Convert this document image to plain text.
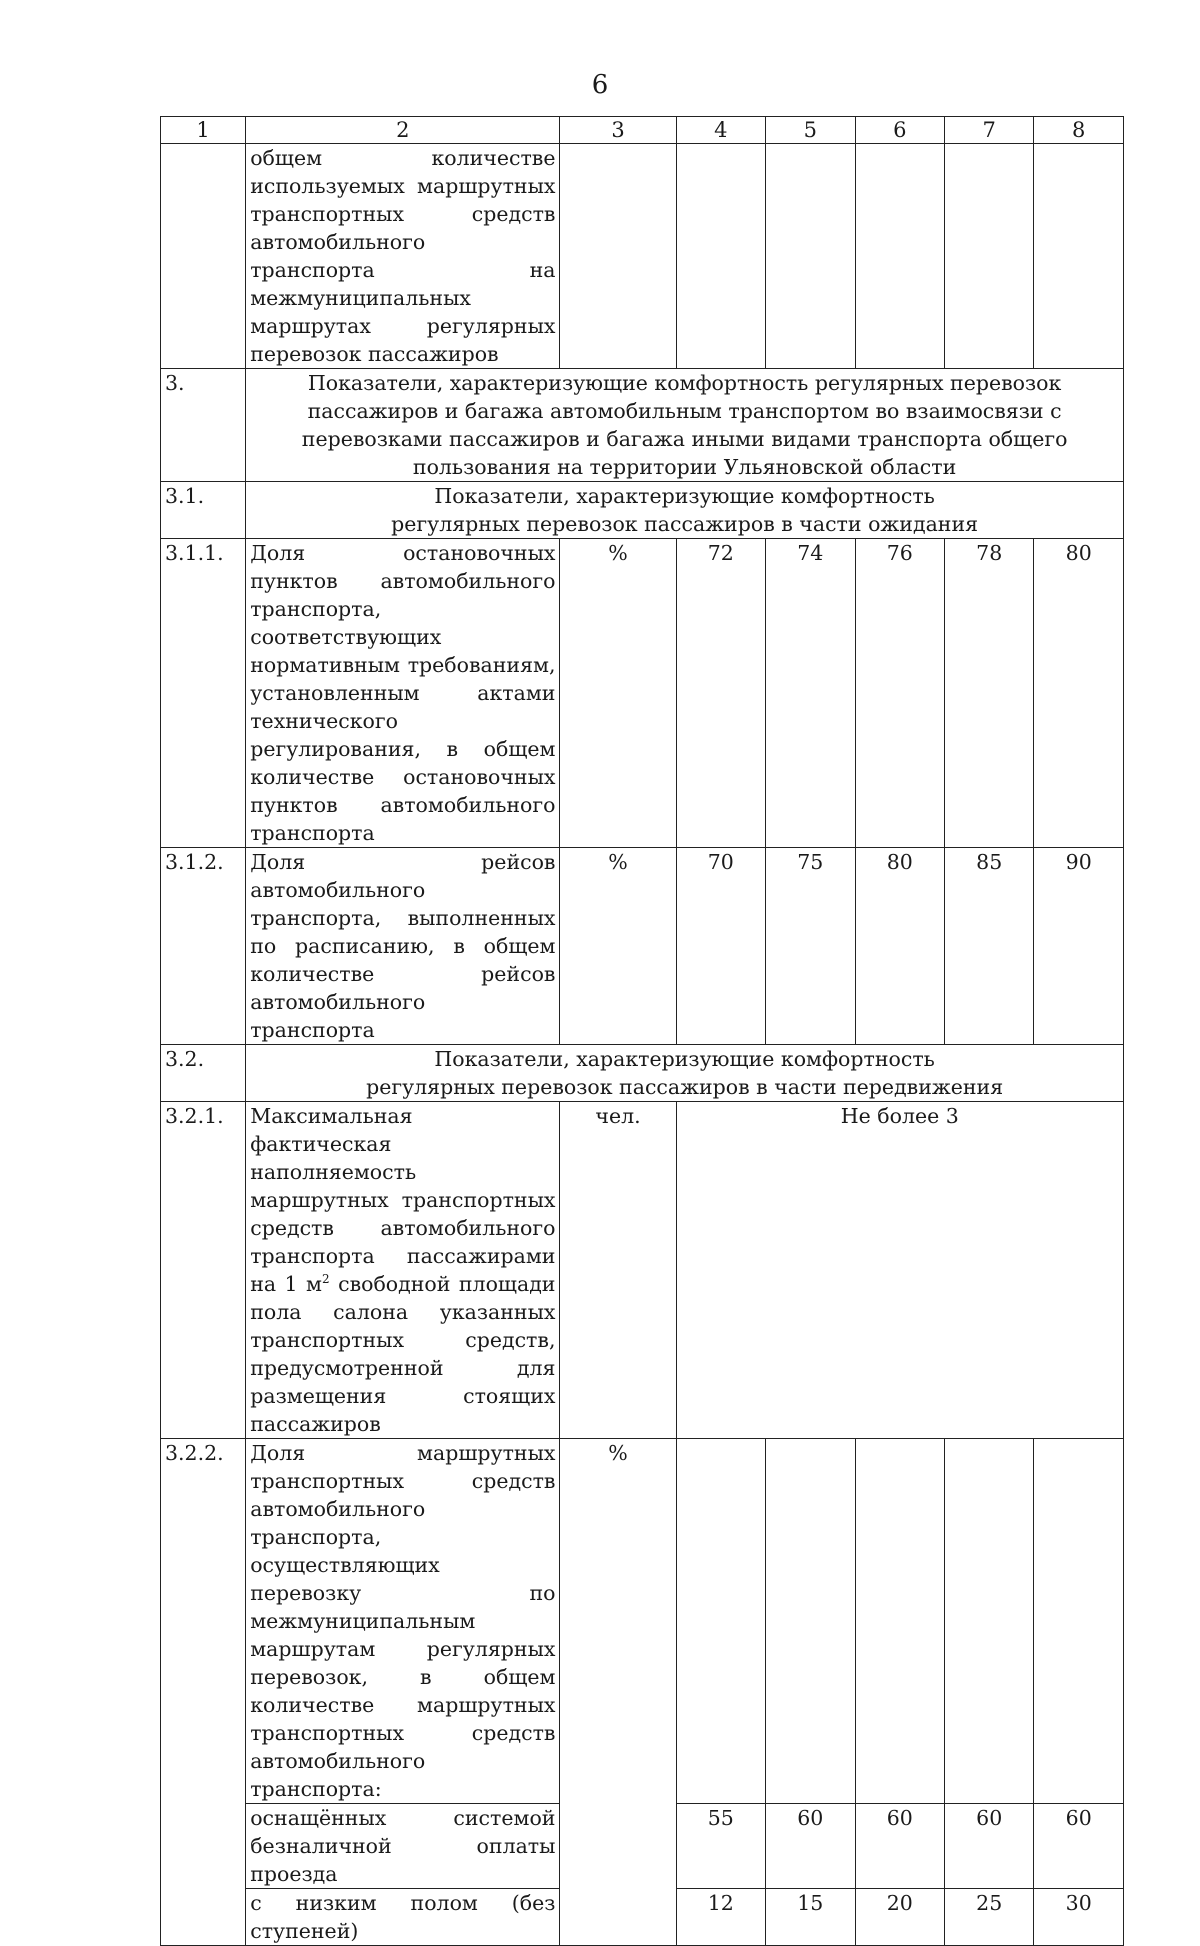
6
1	2	3	4	5	6	7	8
	общем количестве используемых маршрутных транспортных средств автомобильного транспорта на межмуниципальных маршрутах регулярных перевозок пассажиров						
3.	Показатели, характеризующие комфортность регулярных перевозок пассажиров и багажа автомобильным транспортом во взаимосвязи с перевозками пассажиров и багажа иными видами транспорта общего пользования на территории Ульяновской области						
3.1.	Показатели, характеризующие комфортность
регулярных перевозок пассажиров в части ожидания						

3.1.1.	Доля остановочных пунктов автомобильного транспорта, соответствующих нормативным требованиям, установленным актами технического регулирования, в общем количестве остановочных пунктов автомобильного транспорта	%	72	74	76	78	80
3.1.2.	Доля рейсов автомобильного транспорта, выполненных по расписанию, в общем количестве рейсов автомобильного транспорта	%	70	75	80	85	90
3.2.	Показатели, характеризующие комфортность
регулярных перевозок пассажиров в части передвижения						

3.2.1.	Максимальная фактическая наполняемость маршрутных транспортных средств автомобильного транспорта пассажирами на 1 $м^2$ свободной площади пола салона указанных транспортных средств, предусмотренной для размещения стоящих пассажиров	чел.	Не более 3				
3.2.2.	Доля маршрутных транспортных средств автомобильного транспорта, осуществляющих перевозку по межмуниципальным маршрутам регулярных перевозок, в общем количестве маршрутных транспортных средств автомобильного транспорта:	%					
	оснащённых системой безналичной оплаты проезда		55	60	60	60	60
	с низким полом (без ступеней)		12	15	20	25	30
